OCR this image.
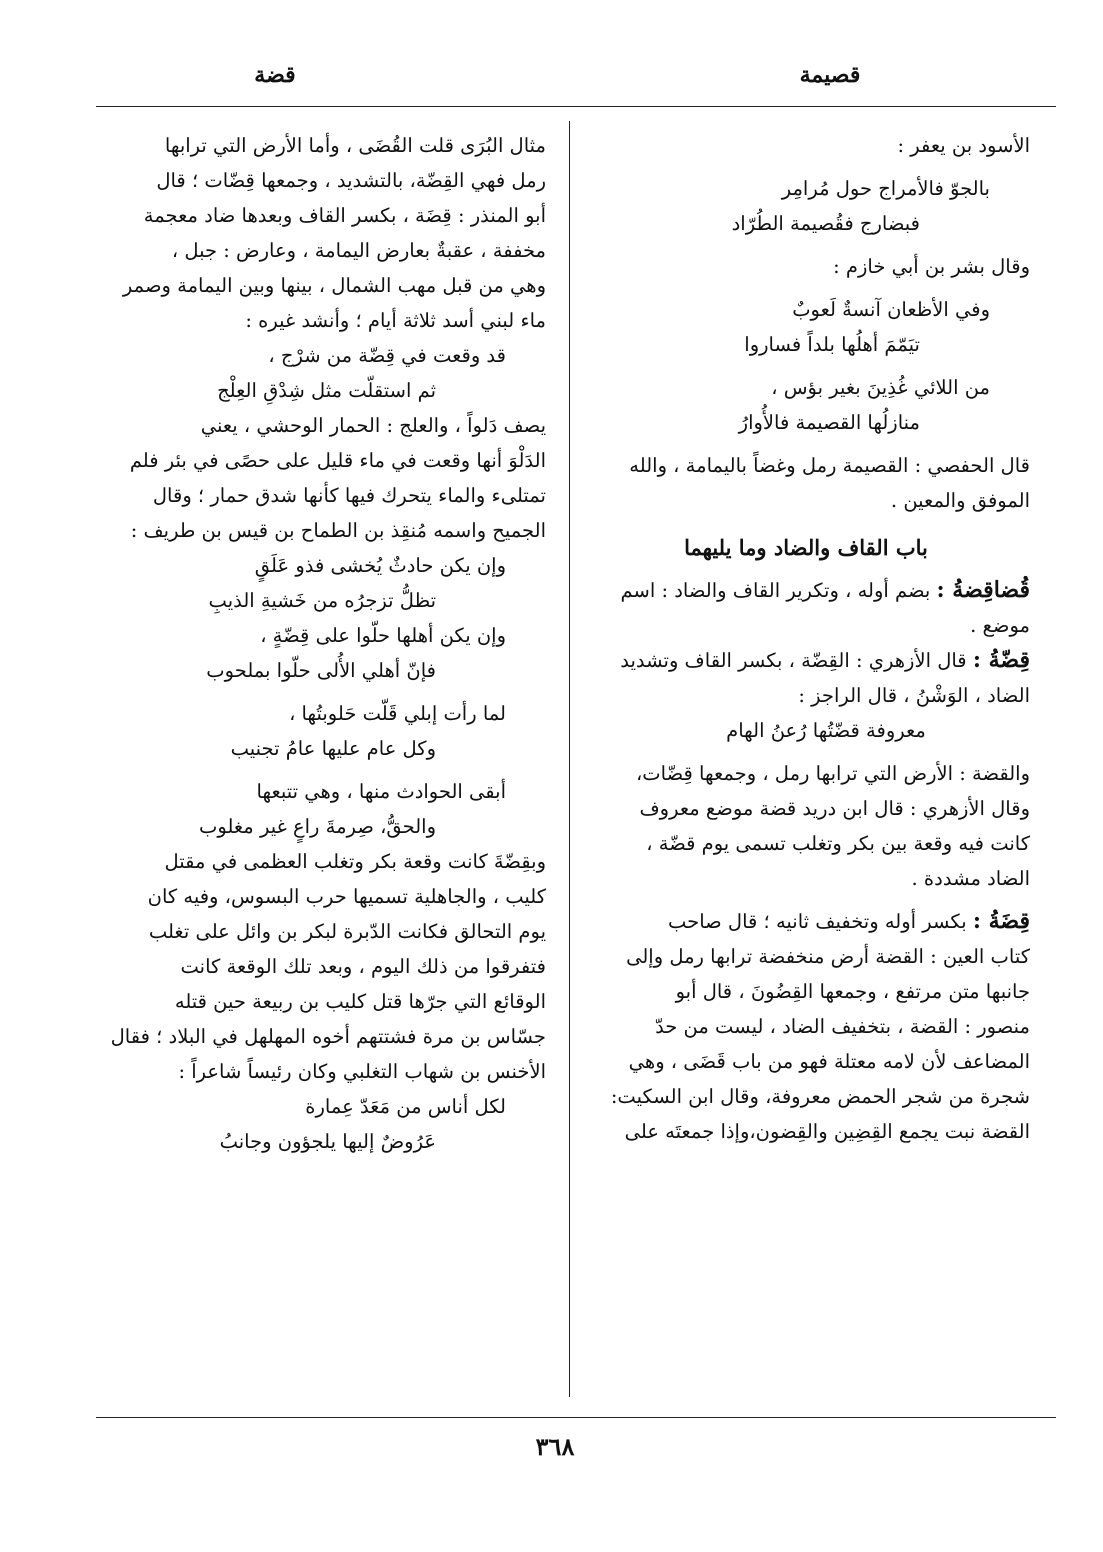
قصيمة
قضة
الأسود بن يعفر :
بالجوّ فالأمراج حول مُرامِر
فبضارج فقُصيمة الطُرّاد
وقال بشر بن أبي خازم :
وفي الأظعان آنسةٌ لَعوبٌ
تيَمّمَ أهلُها بلداً فساروا
من اللائي غُذِينَ بغير بؤس ،
منازلُها القصيمة فالأُوارُ
قال الحفصي : القصيمة رمل وغضاً باليمامة ، والله
الموفق والمعين .
باب القاف والضاد وما يليهما
قُضاقِضةُ : بضم أوله ، وتكرير القاف والضاد : اسم
موضع .
قِضّةُ : قال الأزهري : القِضّة ، بكسر القاف وتشديد
الضاد ، الوَشْنُ ، قال الراجز :
معروفة قضّتُها رُعنُ الهام
والقضة : الأرض التي ترابها رمل ، وجمعها قِضّات،
وقال الأزهري : قال ابن دريد قضة موضع معروف
كانت فيه وقعة بين بكر وتغلب تسمى يوم قضّة ،
الضاد مشددة .
قِضَةُ : بكسر أوله وتخفيف ثانيه ؛ قال صاحب
كتاب العين : القضة أرض منخفضة ترابها رمل وإلى
جانبها متن مرتفع ، وجمعها القِضُونَ ، قال أبو
منصور : القضة ، بتخفيف الضاد ، ليست من حدّ
المضاعف لأن لامه معتلة فهو من باب قَضَى ، وهي
شجرة من شجر الحمض معروفة، وقال ابن السكيت:
القضة نبت يجمع القِضِين والقِضون،وإذا جمعتَه على
مثال البُرَى قلت القُضَى ، وأما الأرض التي ترابها
رمل فهي القِضّة، بالتشديد ، وجمعها قِضّات ؛ قال
أبو المنذر : قِضَة ، بكسر القاف وبعدها ضاد معجمة
مخففة ، عقبةٌ بعارض اليمامة ، وعارض : جبل ،
وهي من قبل مهب الشمال ، بينها وبين اليمامة وصمر
ماء لبني أسد ثلاثة أيام ؛ وأنشد غيره :
قد وقعت في قِضّة من شرْج ،
ثم استقلّت مثل شِدْقِ العِلْج
يصف دَلواً ، والعلج : الحمار الوحشي ، يعني
الدَلْوَ أنها وقعت في ماء قليل على حصًى في بئر فلم
تمتلىء والماء يتحرك فيها كأنها شدق حمار ؛ وقال
الجميح واسمه مُنقِذ بن الطماح بن قيس بن طريف :
وإن يكن حادثٌ يُخشى فذو عَلَقٍ
تظلُّ تزجرُه من خَشيةِ الذيبِ
وإن يكن أهلها حلّوا على قِضّةٍ ،
فإنّ أهلي الأُلى حلّوا بملحوب
لما رأت إبلي قَلّت حَلوبتُها ،
وكل عام عليها عامُ تجنيب
أبقى الحوادث منها ، وهي تتبعها
والحقُّ، صِرمةَ راعٍ غير مغلوب
وبقِضّةَ كانت وقعة بكر وتغلب العظمى في مقتل
كليب ، والجاهلية تسميها حرب البسوس، وفيه كان
يوم التحالق فكانت الدّبرة لبكر بن وائل على تغلب
فتفرقوا من ذلك اليوم ، وبعد تلك الوقعة كانت
الوقائع التي جرّها قتل كليب بن ربيعة حين قتله
جسّاس بن مرة فشتتهم أخوه المهلهل في البلاد ؛ فقال
الأخنس بن شهاب التغلبي وكان رئيساً شاعراً :
لكل أناس من مَعَدّ عِمارة
عَرُوضٌ إليها يلجؤون وجانبُ
٣٦٨
